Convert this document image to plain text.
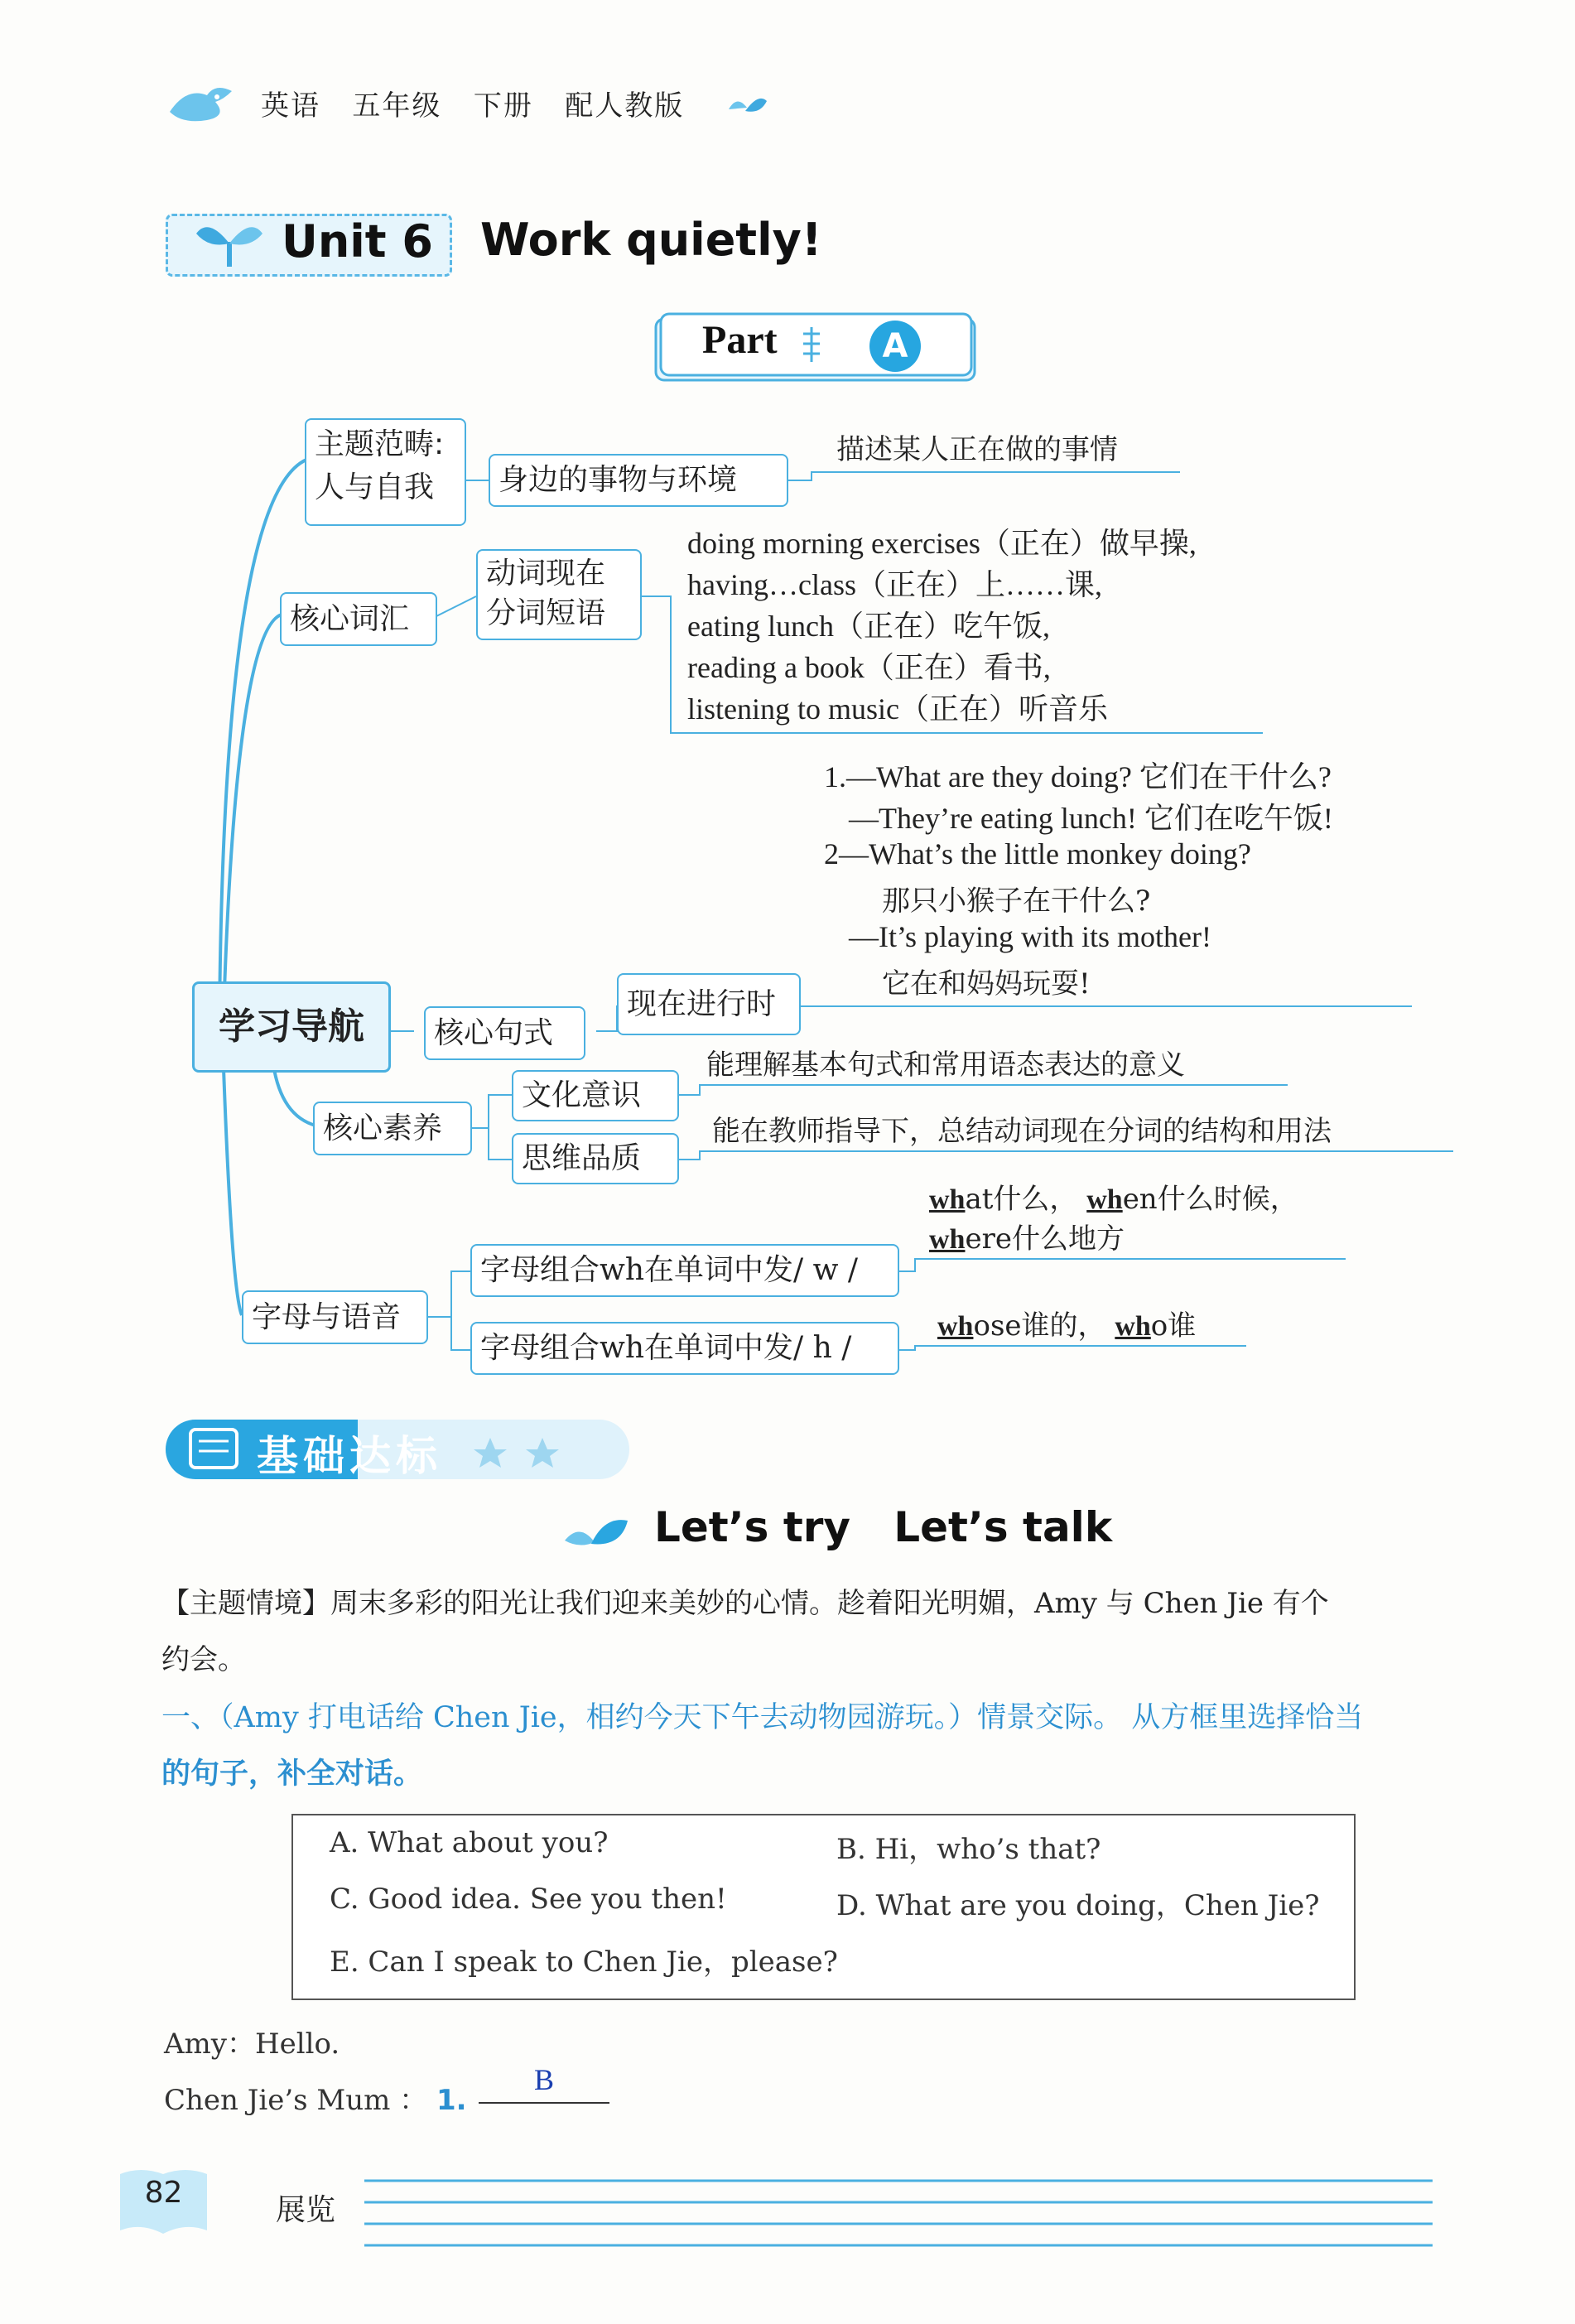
英语   五年级   下册   配人教版
Unit 6 Work quietly!
Part	A
学习导航
主题范畴:
人与自我	身边的事物与环境
描述某人正在做的事情
核心词汇
动词现在
分词短语
doing morning exercises（正在）做早操,
having…class（正在）上……课,
eating lunch（正在）吃午饭,
reading a book（正在）看书,
listening to music（正在）听音乐
1.—What are they doing? 它们在干什么?
—They’re eating lunch! 它们在吃午饭!
2—What’s the little monkey doing?
那只小猴子在干什么?
—It’s playing with its mother!
它在和妈妈玩耍!
现在进行时
核心句式
核心素养
文化意识
思维品质
能理解基本句式和常用语态表达的意义
能在教师指导下，总结动词现在分词的结构和用法
字母与语音
字母组合wh在单词中发/ w /
字母组合wh在单词中发/ h /
what什么， when什么时候，
where什么地方
whose谁的， who谁
基础达标
Let’s try   Let’s talk
【主题情境】周末多彩的阳光让我们迎来美妙的心情。趁着阳光明媚，Amy 与 Chen Jie 有个
约会。
一、（Amy 打电话给 Chen Jie，相约今天下午去动物园游玩。）情景交际。 从方框里选择恰当
的句子，补全对话。
A. What about you?	B. Hi，who’s that?
C. Good idea. See you then!	D. What are you doing，Chen Jie?
E. Can I speak to Chen Jie，please?
Amy：Hello.
Chen Jie’s Mum ： 1.
B
82
展览
